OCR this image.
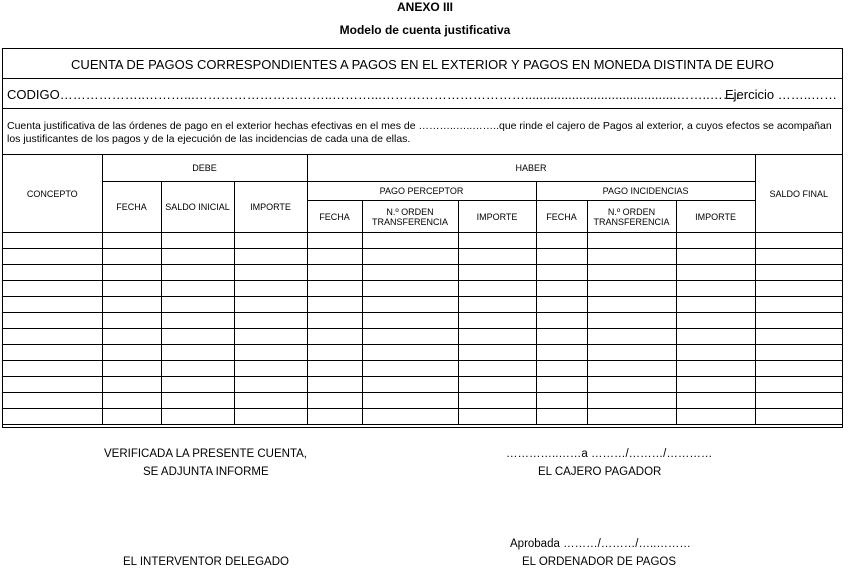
ANEXO III
Modelo de cuenta justificativa
CUENTA DE PAGOS CORRESPONDIENTES A PAGOS EN EL EXTERIOR Y PAGOS EN MONEDA DISTINTA DE EURO
CODIGO………………..………...…………………………..………...……………………………..........................................……..…….
Ejercicio ……..……
Cuenta justificativa de las órdenes de pago en el exterior hechas efectivas en el mes de ………..…..……..que rinde el cajero de Pagos al exterior, a cuyos efectos se acompañan los justificantes de los pagos y de la ejecución de las incidencias de cada una de ellas.
CONCEPTO	DEBE			HABER						SALDO FINAL
	FECHA	SALDO INICIAL	IMPORTE	PAGO PERCEPTOR			PAGO INCIDENCIAS			
				FECHA	N.º ORDEN TRANSFERENCIA	IMPORTE	FECHA	N.º ORDEN TRANSFERENCIA	IMPORTE	

VERIFICADA LA PRESENTE CUENTA,
SE ADJUNTA INFORME
…………..……a ………/………/…………
EL CAJERO PAGADOR
Aprobada ………/………/…..………
EL INTERVENTOR DELEGADO	EL ORDENADOR DE PAGOS
